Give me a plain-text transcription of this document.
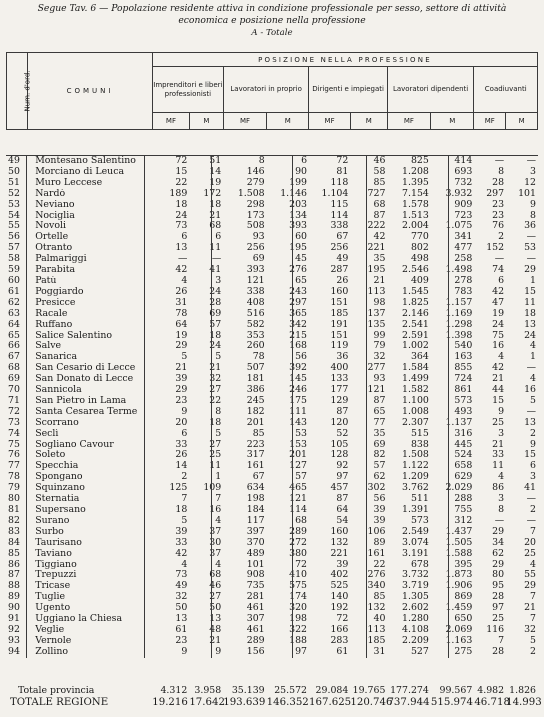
Segue Tav. 6 — Popolazione residente attiva in condizione professionale per sesso, settore di attività
economica e posizione nella professione
A - Totale
Num. d'ord.	COMUNI	POSIZIONE NELLA PROFESSIONE									
		Imprenditori e liberi professionisti		Lavoratori in proprio		Dirigenti e impiegati		Lavoratori dipendenti		Coadiuvanti	
		MF	M	MF	M	MF	M	MF	M	MF	M
49	Montesano Salentino	72	51	8	6	72	46	825	414	—	—
50	Morciano di Leuca	15	14	146	90	81	58	1.208	693	8	3
51	Muro Leccese	22	19	279	199	118	85	1.395	732	28	12
52	Nardò	189	172	1.508	1.146	1.104	727	7.154	3.932	297	101
53	Neviano	18	18	298	203	115	68	1.578	909	23	9
54	Nociglia	24	21	173	134	114	87	1.513	723	23	8
55	Novoli	73	68	508	393	338	222	2.004	1.075	76	36
56	Ortelle	6	6	93	60	67	42	770	341	2	—
57	Otranto	13	11	256	195	256	221	802	477	152	53
58	Palmariggi	—	—	69	45	49	35	498	258	—	—
59	Parabita	42	41	393	276	287	195	2.546	1.498	74	29
60	Patù	4	3	121	65	26	21	409	278	6	1
61	Poggiardo	26	24	338	243	160	113	1.545	783	42	15
62	Presicce	31	28	408	297	151	98	1.825	1.157	47	11
63	Racale	78	69	516	365	185	137	2.146	1.169	19	18
64	Ruffano	64	57	582	342	191	135	2.541	1.298	24	13
65	Salice Salentino	19	18	353	215	151	99	2.591	1.398	75	24
66	Salve	29	24	260	168	119	79	1.002	540	16	4
67	Sanarica	5	5	78	56	36	32	364	163	4	1
68	San Cesario di Lecce	21	21	507	392	400	277	1.584	855	42	—
69	San Donato di Lecce	39	32	181	145	133	93	1.499	724	21	4
70	Sannicola	29	27	386	246	177	121	1.582	861	44	16
71	San Pietro in Lama	23	22	245	175	129	87	1.100	573	15	5
72	Santa Cesarea Terme	9	8	182	111	87	65	1.008	493	9	—
73	Scorrano	20	18	201	143	120	77	2.307	1.137	25	13
74	Seclì	6	5	85	53	52	35	515	316	3	2
75	Sogliano Cavour	33	27	223	153	105	69	838	445	21	9
76	Soleto	26	25	317	201	128	82	1.508	524	33	15
77	Specchia	14	11	161	127	92	57	1.122	658	11	6
78	Spongano	2	1	67	57	97	62	1.209	629	4	3
79	Squinzano	125	109	634	465	457	302	3.762	2.029	86	41
80	Sternatia	7	7	198	121	87	56	511	288	3	—
81	Supersano	18	16	184	114	64	39	1.391	755	8	2
82	Surano	5	4	117	68	54	39	573	312	—	—
83	Surbo	39	37	397	289	160	106	2.549	1.437	29	7
84	Taurisano	33	30	370	272	132	89	3.074	1.505	34	20
85	Taviano	42	37	489	380	221	161	3.191	1.588	62	25
86	Tiggiano	4	4	101	72	39	22	678	395	29	4
87	Trepuzzi	73	68	908	410	402	276	3.732	1.873	80	55
88	Tricase	49	46	735	575	525	340	3.719	1.906	95	29
89	Tuglie	32	27	281	174	140	85	1.305	869	28	7
90	Ugento	50	50	461	320	192	132	2.602	1.459	97	21
91	Uggiano la Chiesa	13	13	307	198	72	40	1.280	650	25	7
92	Veglie	61	48	461	322	166	113	4.108	2.069	116	32
93	Vernole	23	21	289	188	283	185	2.209	1.163	7	5
94	Zollino	9	9	156	97	61	31	527	275	28	2
Totale provincia	4.312	3.958	35.139	25.572	29.084	19.765	177.274	99.567	4.982	1.826
TOTALE REGIONE	19.216	17.642	193.639	146.352	167.625	120.746	737.944	515.974	46.718	14.993
